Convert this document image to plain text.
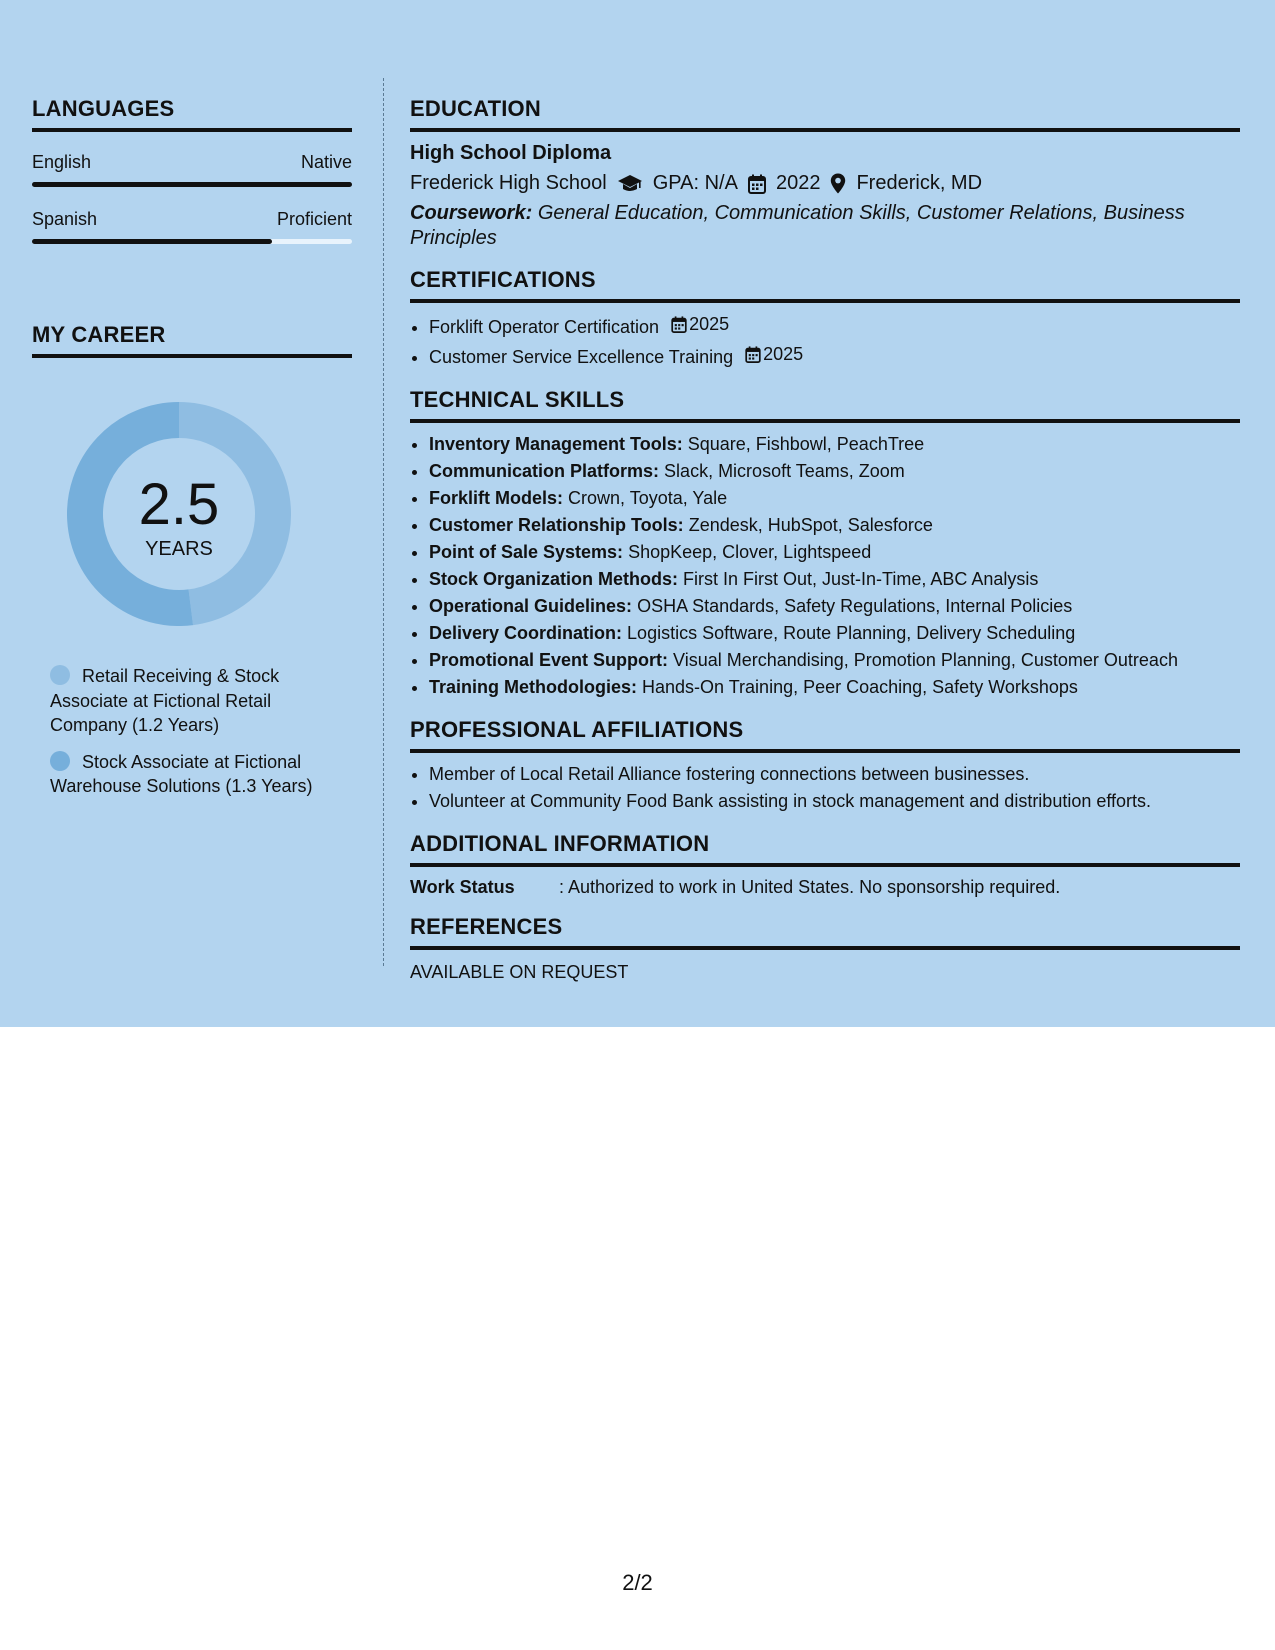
LANGUAGES
English	Native
Spanish	Proficient
MY CAREER
2.5
YEARS
Retail Receiving & Stock Associate at Fictional Retail Company (1.2 Years)
Stock Associate at Fictional Warehouse Solutions (1.3 Years)
EDUCATION
High School Diploma
Frederick High School GPA: N/A 2022 Frederick, MD
Coursework: General Education, Communication Skills, Customer Relations, Business Principles
CERTIFICATIONS
• Forklift Operator Certification 2025
• Customer Service Excellence Training 2025
TECHNICAL SKILLS
• Inventory Management Tools: Square, Fishbowl, PeachTree
• Communication Platforms: Slack, Microsoft Teams, Zoom
• Forklift Models: Crown, Toyota, Yale
• Customer Relationship Tools: Zendesk, HubSpot, Salesforce
• Point of Sale Systems: ShopKeep, Clover, Lightspeed
• Stock Organization Methods: First In First Out, Just-In-Time, ABC Analysis
• Operational Guidelines: OSHA Standards, Safety Regulations, Internal Policies
• Delivery Coordination: Logistics Software, Route Planning, Delivery Scheduling
• Promotional Event Support: Visual Merchandising, Promotion Planning, Customer Outreach
• Training Methodologies: Hands-On Training, Peer Coaching, Safety Workshops
PROFESSIONAL AFFILIATIONS
• Member of Local Retail Alliance fostering connections between businesses.
• Volunteer at Community Food Bank assisting in stock management and distribution efforts.
ADDITIONAL INFORMATION
Work Status	: Authorized to work in United States. No sponsorship required.
REFERENCES
AVAILABLE ON REQUEST
2/2
